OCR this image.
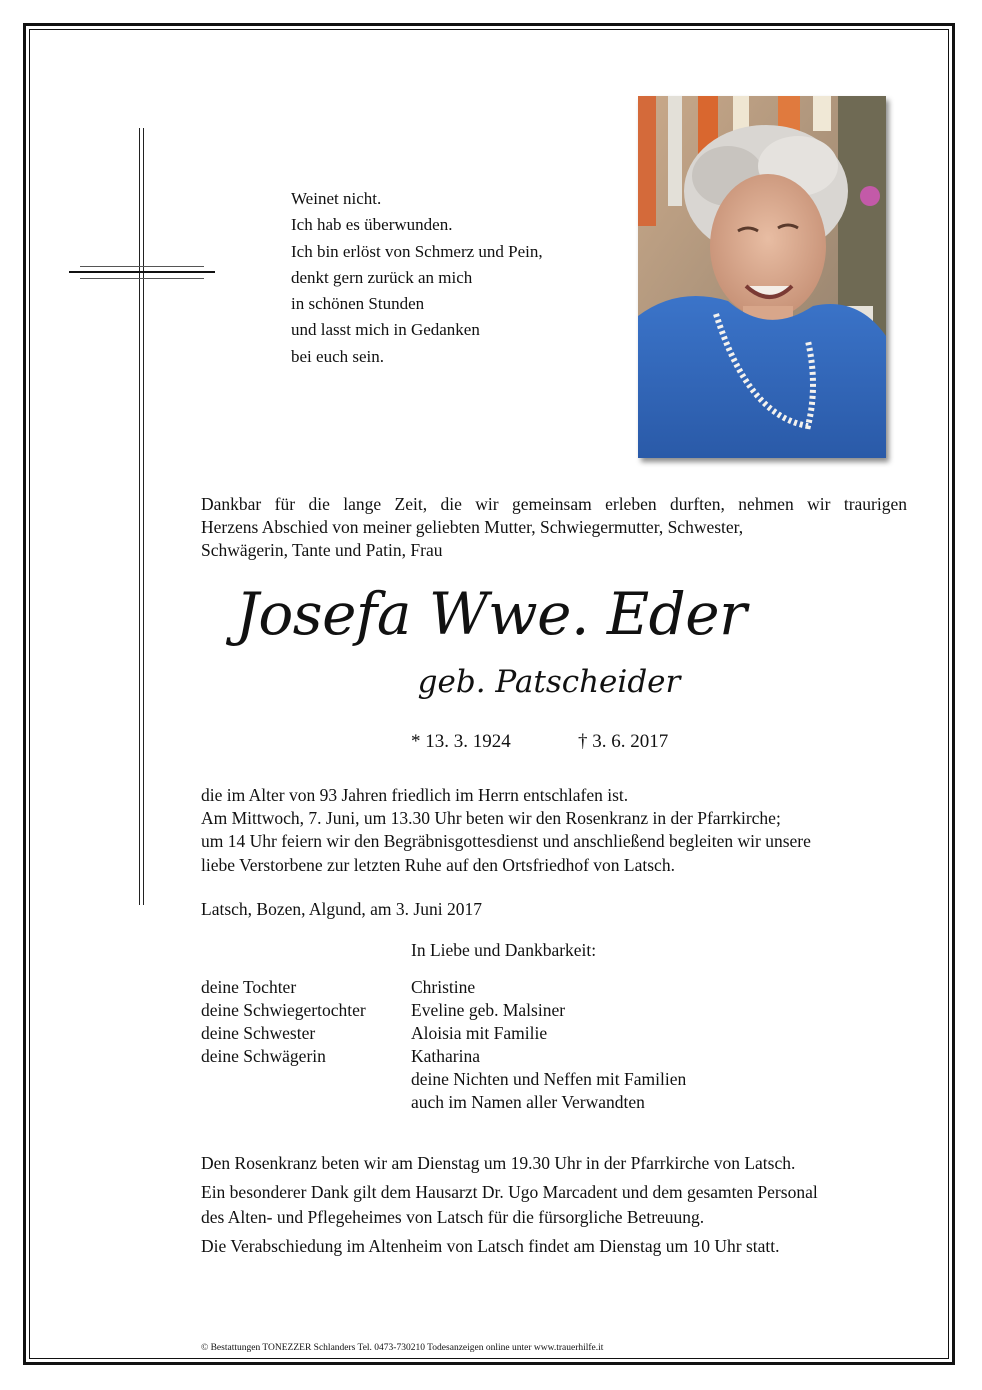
Weinet nicht.
Ich hab es überwunden.
Ich bin erlöst von Schmerz und Pein,
denkt gern zurück an mich
in schönen Stunden
und lasst mich in Gedanken
bei euch sein.
Dankbar für die lange Zeit, die wir gemeinsam erleben durften, nehmen wir traurigen
Herzens Abschied von meiner geliebten Mutter, Schwiegermutter, Schwester,
Schwägerin, Tante und Patin, Frau
Josefa Wwe. Eder
geb. Patscheider
* 13. 3. 1924	† 3. 6. 2017
die im Alter von 93 Jahren friedlich im Herrn entschlafen ist.
Am Mittwoch, 7. Juni, um 13.30 Uhr beten wir den Rosenkranz in der Pfarrkirche;
um 14 Uhr feiern wir den Begräbnisgottesdienst und anschließend begleiten wir unsere
liebe Verstorbene zur letzten Ruhe auf den Ortsfriedhof von Latsch.
Latsch, Bozen, Algund, am 3. Juni 2017
In Liebe und Dankbarkeit:
deine Tochter	Christine
deine Schwiegertochter	Eveline geb. Malsiner
deine Schwester	Aloisia mit Familie
deine Schwägerin	Katharina
deine Nichten und Neffen mit Familien
auch im Namen aller Verwandten
Den Rosenkranz beten wir am Dienstag um 19.30 Uhr in der Pfarrkirche von Latsch.
Ein besonderer Dank gilt dem Hausarzt Dr. Ugo Marcadent und dem gesamten Personal
des Alten- und Pflegeheimes von Latsch für die fürsorgliche Betreuung.
Die Verabschiedung im Altenheim von Latsch findet am Dienstag um 10 Uhr statt.
© Bestattungen TONEZZER Schlanders Tel. 0473-730210 Todesanzeigen online unter www.trauerhilfe.it
